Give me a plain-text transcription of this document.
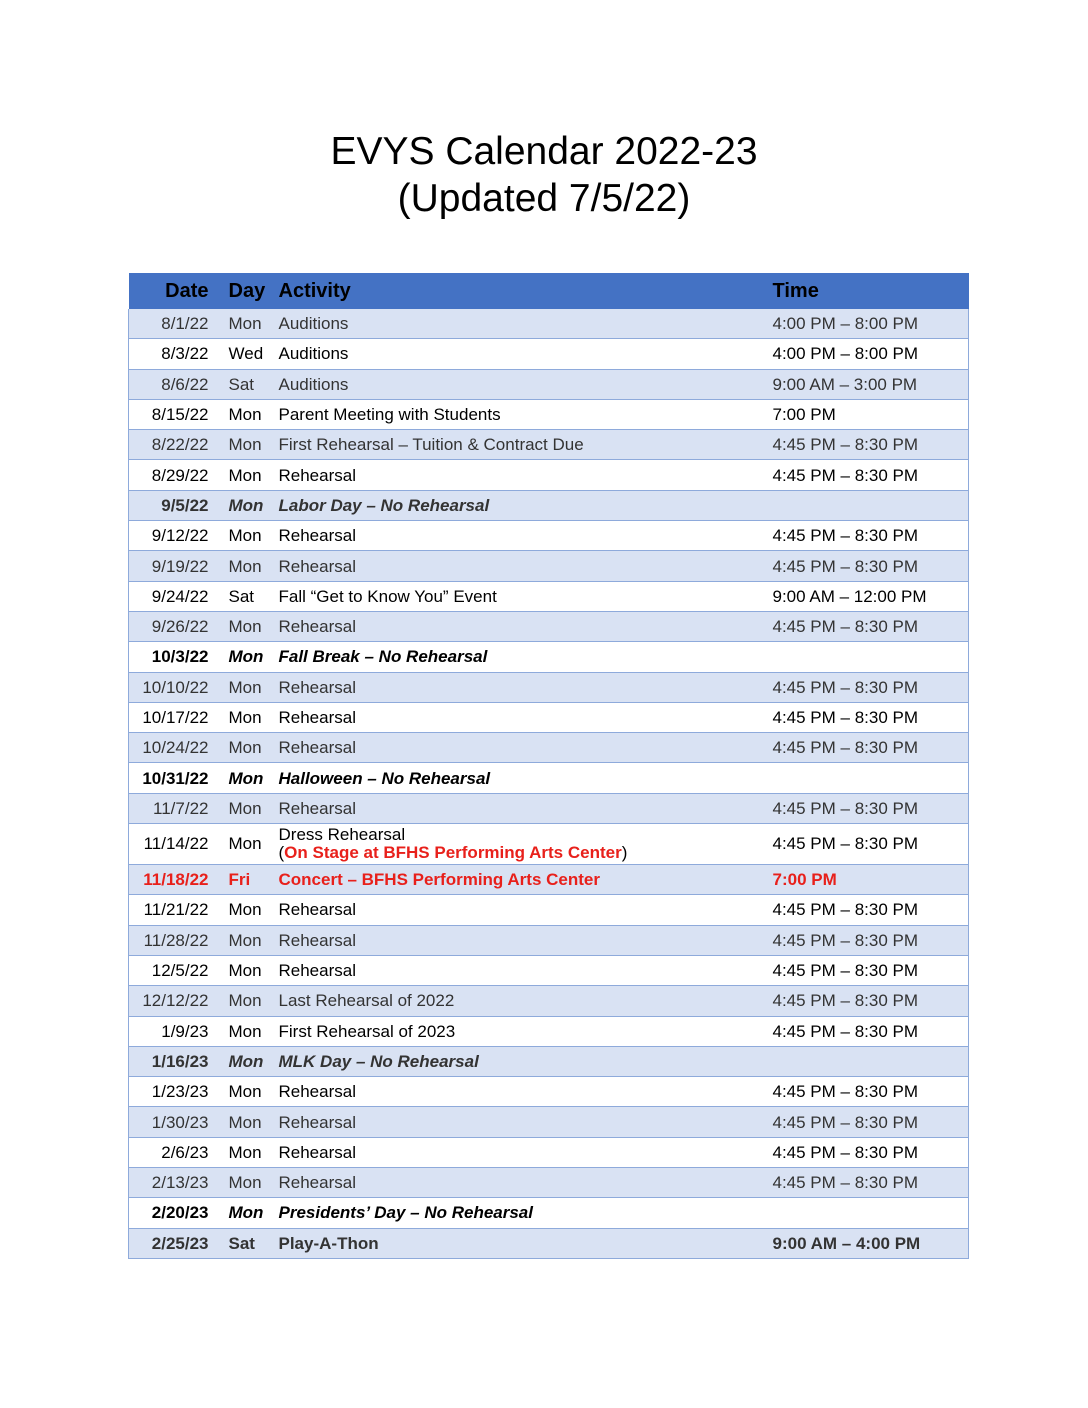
EVYS Calendar 2022-23
(Updated 7/5/22)
Date	Day	Activity	Time
8/1/22	Mon	Auditions	4:00 PM – 8:00 PM
8/3/22	Wed	Auditions	4:00 PM – 8:00 PM
8/6/22	Sat	Auditions	9:00 AM – 3:00 PM
8/15/22	Mon	Parent Meeting with Students	7:00 PM
8/22/22	Mon	First Rehearsal – Tuition & Contract Due	4:45 PM – 8:30 PM
8/29/22	Mon	Rehearsal	4:45 PM – 8:30 PM
9/5/22	Mon	Labor Day – No Rehearsal	
9/12/22	Mon	Rehearsal	4:45 PM – 8:30 PM
9/19/22	Mon	Rehearsal	4:45 PM – 8:30 PM
9/24/22	Sat	Fall “Get to Know You” Event	9:00 AM – 12:00 PM
9/26/22	Mon	Rehearsal	4:45 PM – 8:30 PM
10/3/22	Mon	Fall Break – No Rehearsal	
10/10/22	Mon	Rehearsal	4:45 PM – 8:30 PM
10/17/22	Mon	Rehearsal	4:45 PM – 8:30 PM
10/24/22	Mon	Rehearsal	4:45 PM – 8:30 PM
10/31/22	Mon	Halloween – No Rehearsal	
11/7/22	Mon	Rehearsal	4:45 PM – 8:30 PM
11/14/22	Mon	Dress Rehearsal
(On Stage at BFHS Performing Arts Center)	4:45 PM – 8:30 PM
11/18/22	Fri	Concert – BFHS Performing Arts Center	7:00 PM
11/21/22	Mon	Rehearsal	4:45 PM – 8:30 PM
11/28/22	Mon	Rehearsal	4:45 PM – 8:30 PM
12/5/22	Mon	Rehearsal	4:45 PM – 8:30 PM
12/12/22	Mon	Last Rehearsal of 2022	4:45 PM – 8:30 PM
1/9/23	Mon	First Rehearsal of 2023	4:45 PM – 8:30 PM
1/16/23	Mon	MLK Day – No Rehearsal	
1/23/23	Mon	Rehearsal	4:45 PM – 8:30 PM
1/30/23	Mon	Rehearsal	4:45 PM – 8:30 PM
2/6/23	Mon	Rehearsal	4:45 PM – 8:30 PM
2/13/23	Mon	Rehearsal	4:45 PM – 8:30 PM
2/20/23	Mon	Presidents’ Day – No Rehearsal	
2/25/23	Sat	Play-A-Thon	9:00 AM – 4:00 PM
